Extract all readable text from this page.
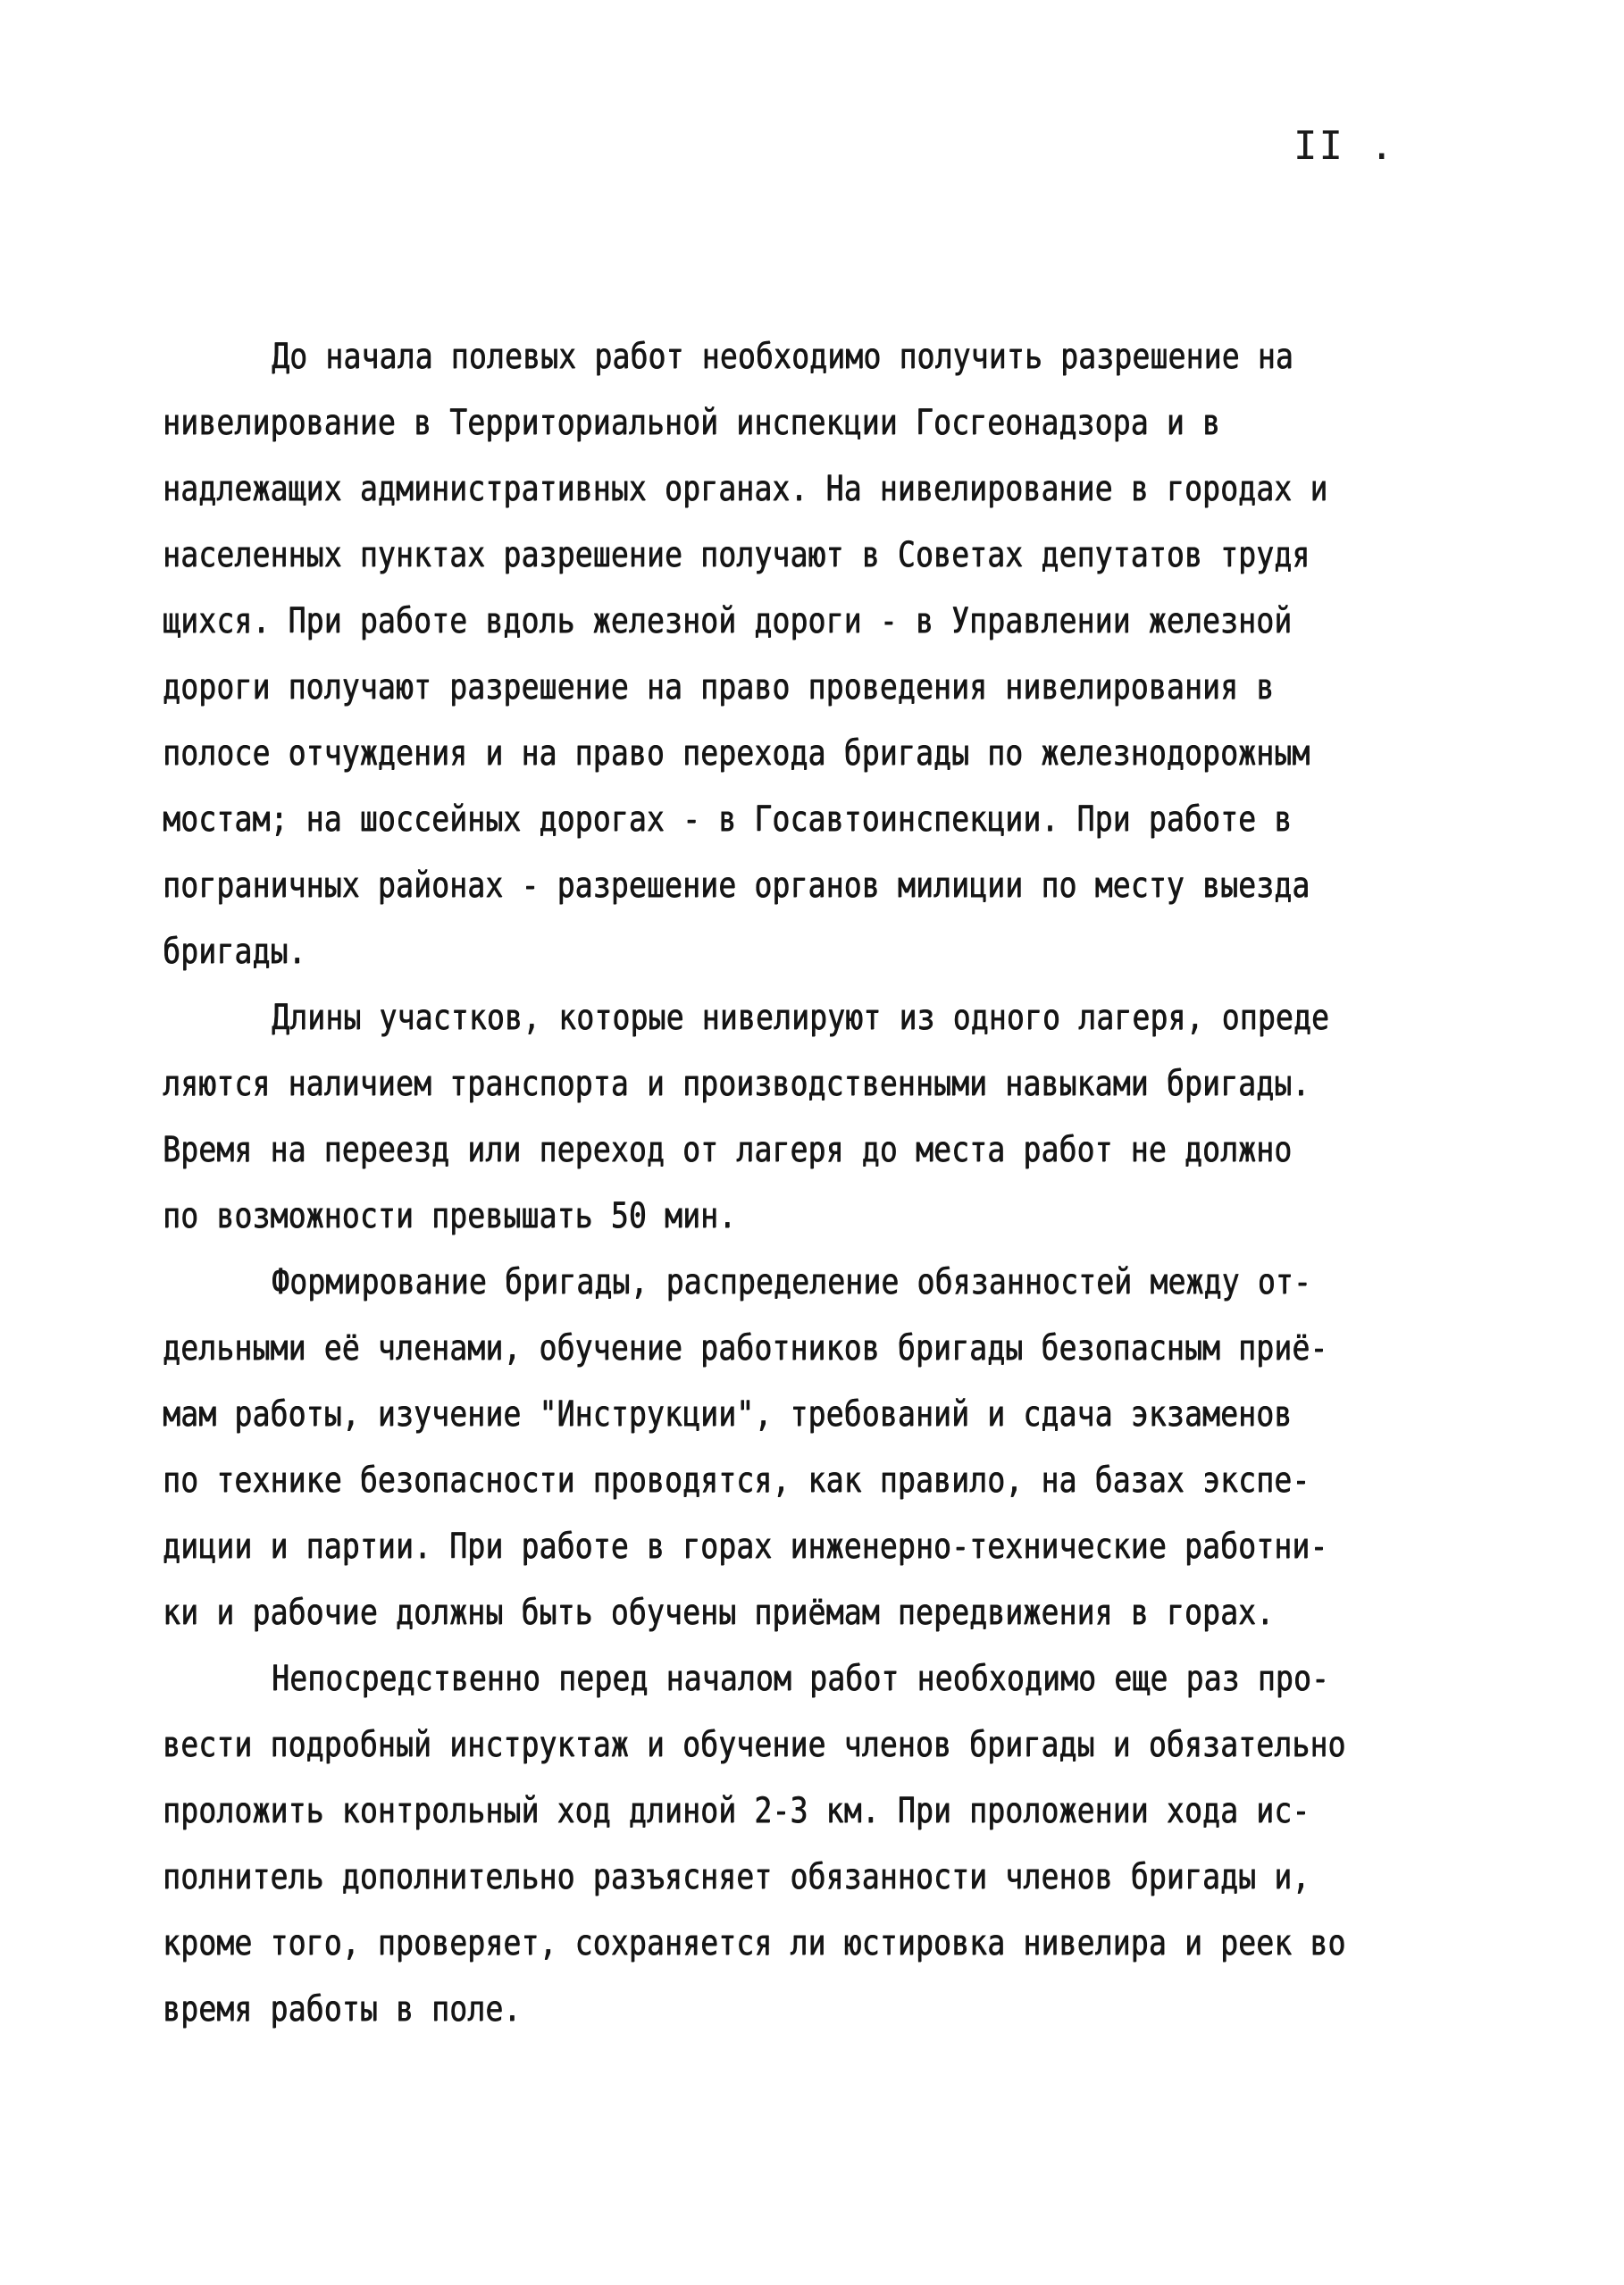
II .
До начала полевых работ необходимо получить разрешение на
нивелирование в Территориальной инспекции Госгеонадзора и в
надлежащих административных органах. На нивелирование в городах и
населенных пунктах разрешение получают в Советах депутатов трудя
щихся. При работе вдоль железной дороги - в Управлении железной
дороги получают разрешение на право проведения нивелирования в
полосе отчуждения и на право перехода бригады по железнодорожным
мостам; на шоссейных дорогах - в Госавтоинспекции. При работе в
пограничных районах - разрешение органов милиции по месту выезда
бригады.
Длины участков, которые нивелируют из одного лагеря, опреде
ляются наличием транспорта и производственными навыками бригады.
Время на переезд или переход от лагеря до места работ не должно
по возможности превышать 50 мин.
Формирование бригады, распределение обязанностей между от-
дельными её членами, обучение работников бригады безопасным приё-
мам работы, изучение "Инструкции", требований и сдача экзаменов
по технике безопасности проводятся, как правило, на базах экспе-
диции и партии. При работе в горах инженерно-технические работни-
ки и рабочие должны быть обучены приёмам передвижения в горах.
Непосредственно перед началом работ необходимо еще раз про-
вести подробный инструктаж и обучение членов бригады и обязательно
проложить контрольный ход длиной 2-3 км. При проложении хода ис-
полнитель дополнительно разъясняет обязанности членов бригады и,
кроме того, проверяет, сохраняется ли юстировка нивелира и реек во
время работы в поле.
